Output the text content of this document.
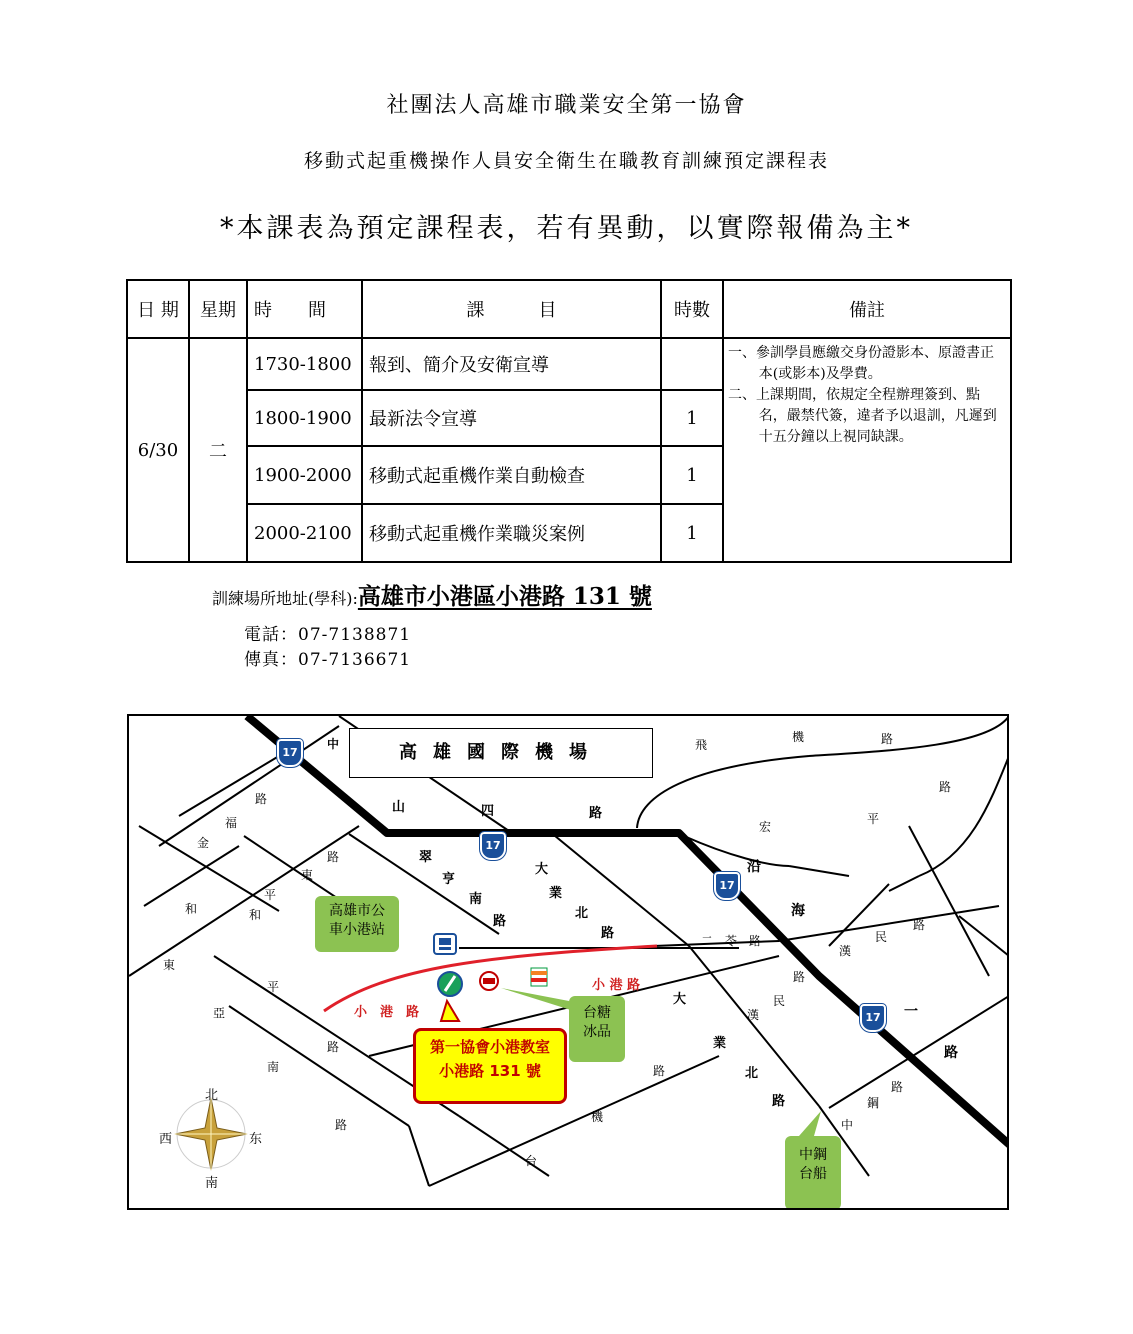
社團法人高雄市職業安全第一協會
移動式起重機操作人員安全衛生在職教育訓練預定課程表
*本課表為預定課程表，若有異動，以實際報備為主*
日 期	星期	時　　間	課　　　目	時數	備註
6/30	二	1730-1800	報到、簡介及安衛宣導		一、參訓學員應繳交身份證影本、原證書正本(或影本)及學費。
二、上課期間，依規定全程辦理簽到、點名，嚴禁代簽，違者予以退訓，凡遲到十五分鐘以上視同缺課。

		1800-1900	最新法令宣導	1	
		1900-2000	移動式起重機作業自動檢查	1	
		2000-2100	移動式起重機作業職災案例	1	
訓練場所地址(學科):高雄市小港區小港路 131 號
電話：07-7138871
傳真：07-7136671
高雄國際機場
17
17
17
17
高雄市公
車小港站
台糖
冰品
中鋼
台船
第一協會小港教室
小港路 131 號
小　港　路
小 港 路
中	飛
機	路
路
山	四	路
路
福
金
路
東
平
和
和
東
亞
平
南
路
路
翠
亨
南
路
大
業
北
路
宏
平
沿
海
二 苓 路
漢
民
路
路
民
漢	一
路
大
業
北
路
路
機
台
路
鋼
中
北
南
西	东
